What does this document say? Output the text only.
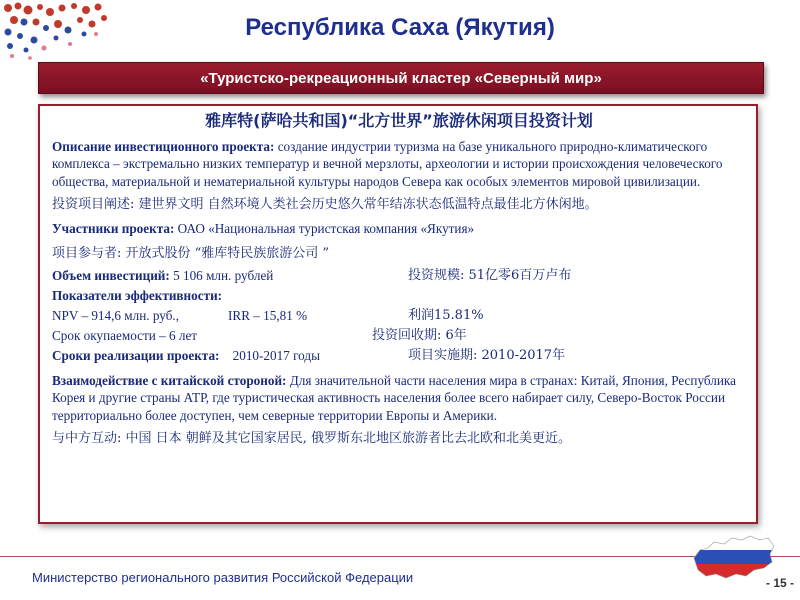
Республика Саха (Якутия)
«Туристско-рекреационный кластер «Северный мир»
雅库特(萨哈共和国)“北方世界”旅游休闲项目投资计划

Описание инвестиционного проекта: создание индустрии туризма на базе уникального природно-климатического комплекса – экстремально низких температур и вечной мерзлоты, археологии и истории происхождения человеческого общества, материальной и нематериальной культуры народов Севера как особых элементов мировой цивилизации.

投资项目阐述: 建世界文明 自然环境人类社会历史悠久常年结冻状态低温特点最佳北方休闲地。

Участники проекта: ОАО «Национальная туристская компания «Якутия»

项目参与者: 开放式股份 “雅库特民族旅游公司 ”
Объем инвестиций: 5 106 млн. рублей	投资规模: 51亿零6百万卢布
Показатели эффективности:
NPV – 914,6 млн. руб.,	IRR – 15,81 %	利润15.81%
Срок окупаемости – 6 лет	投资回收期: 6年
Сроки реализации проекта: 2010-2017 годы	项目实施期: 2010-2017年

Взаимодействие с китайской стороной: Для значительной части населения мира в странах: Китай, Япония, Республика Корея и другие страны АТР, где туристическая активность населения более всего набирает силу, Северо-Восток России территориально более доступен, чем северные территории Европы и Америки.

与中方互动: 中国 日本 朝鲜及其它国家居民, 俄罗斯东北地区旅游者比去北欧和北美更近。

Министерство регионального развития Российской Федерации	- 15 -
